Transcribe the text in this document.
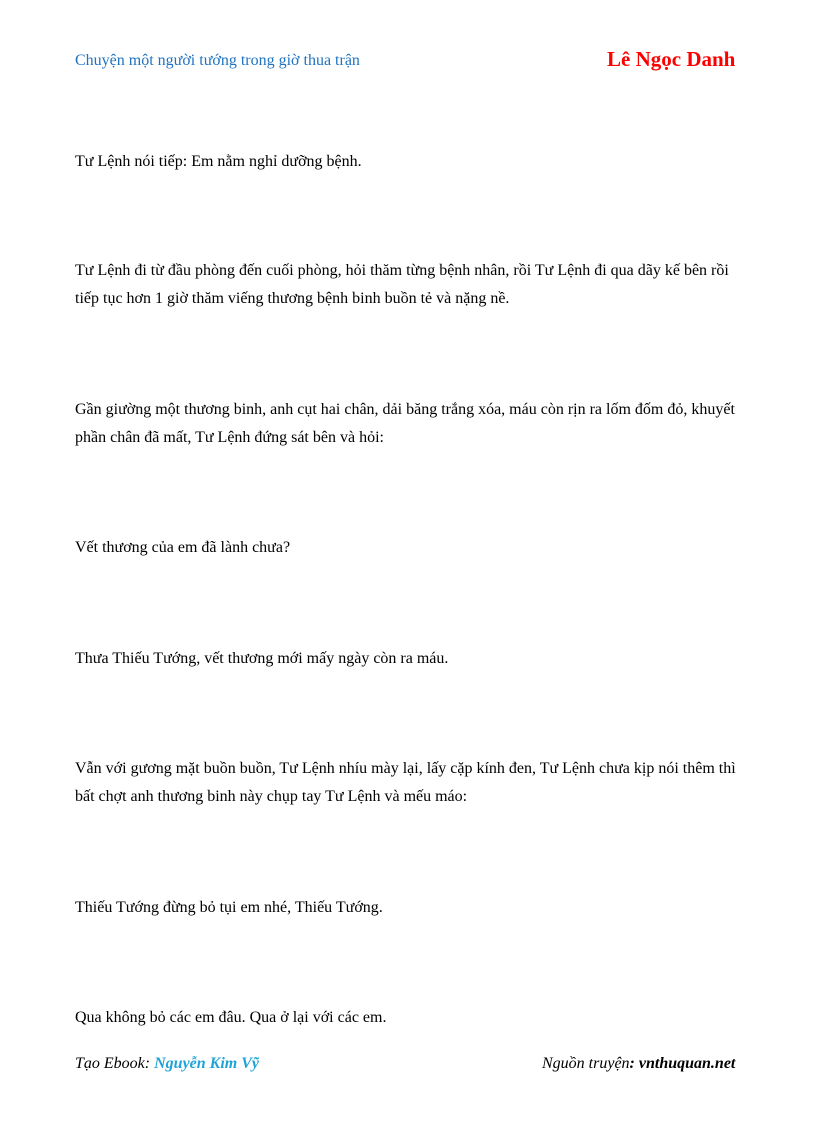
Chuyện một người tướng trong giờ thua trận	Lê Ngọc Danh

Tư Lệnh nói tiếp: Em nằm nghỉ dưỡng bệnh.

Tư Lệnh đi từ đầu phòng đến cuối phòng, hỏi thăm từng bệnh nhân, rồi Tư Lệnh đi qua dãy kế bên rồi tiếp tục hơn 1 giờ thăm viếng thương bệnh binh buồn tẻ và nặng nề.

Gần giường một thương binh, anh cụt hai chân, dải băng trắng xóa, máu còn rịn ra lốm đốm đỏ, khuyết phần chân đã mất, Tư Lệnh đứng sát bên và hỏi:

Vết thương của em đã lành chưa?

Thưa Thiếu Tướng, vết thương mới mấy ngày còn ra máu.

Vẫn với gương mặt buồn buồn, Tư Lệnh nhíu mày lại, lấy cặp kính đen, Tư Lệnh chưa kịp nói thêm thì bất chợt anh thương binh này chụp tay Tư Lệnh và mếu máo:

Thiếu Tướng đừng bỏ tụi em nhé, Thiếu Tướng.

Qua không bỏ các em đâu. Qua ở lại với các em.

Tạo Ebook: Nguyễn Kim Vỹ	Nguồn truyện: vnthuquan.net
